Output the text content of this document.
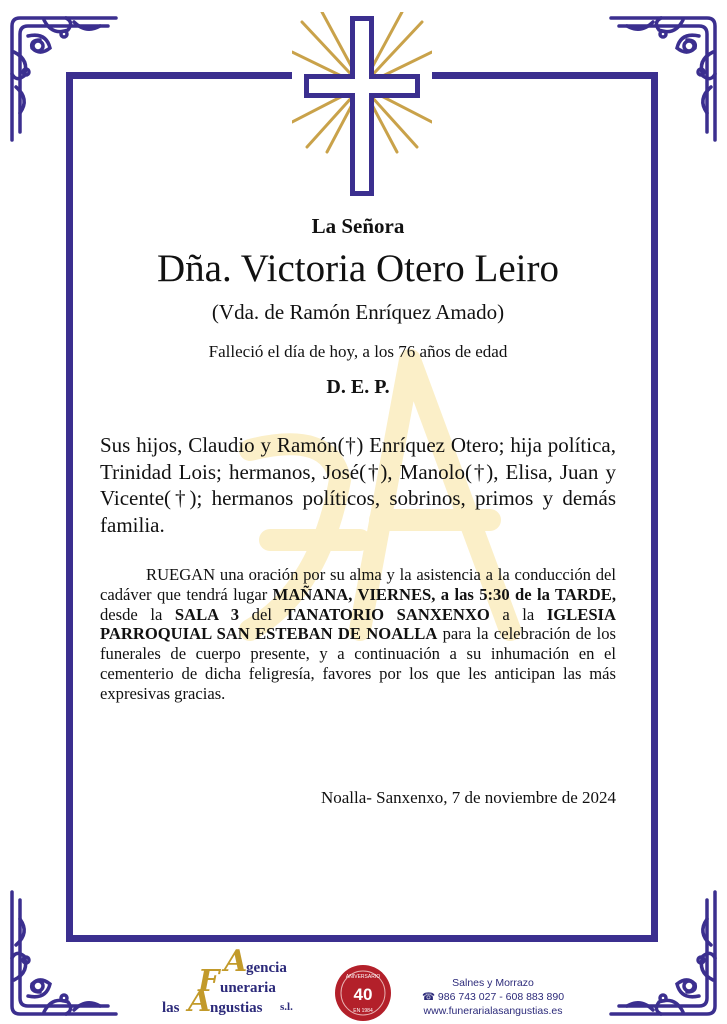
La Señora
Dña. Victoria Otero Leiro
(Vda. de Ramón Enríquez Amado)
Falleció el día de hoy, a los 76 años de edad
D. E. P.

Sus hijos, Claudio y Ramón(†) Enríquez Otero; hija política, Trinidad Lois; hermanos, José(†), Manolo(†), Elisa, Juan y Vicente(†); hermanos políticos, sobrinos, primos y demás familia.

RUEGAN una oración por su alma y la asistencia a la conducción del cadáver que tendrá lugar MAÑANA, VIERNES, a las 5:30 de la TARDE, desde la SALA 3 del TANATORIO SANXENXO a la IGLESIA PARROQUIAL SAN ESTEBAN DE NOALLA para la celebración de los funerales de cuerpo presente, y a continuación a su inhumación en el cementerio de dicha feligresía, favores por los que les anticipan las más expresivas gracias.

Noalla- Sanxenxo, 7 de noviembre de 2024
A
gencia
F uneraria
las A
ngustias s.l.
ANIVERSARIO
40
EN 1984
Salnes y Morrazo
☎ 986 743 027 - 608 883 890
www.funerarialasangustias.es
